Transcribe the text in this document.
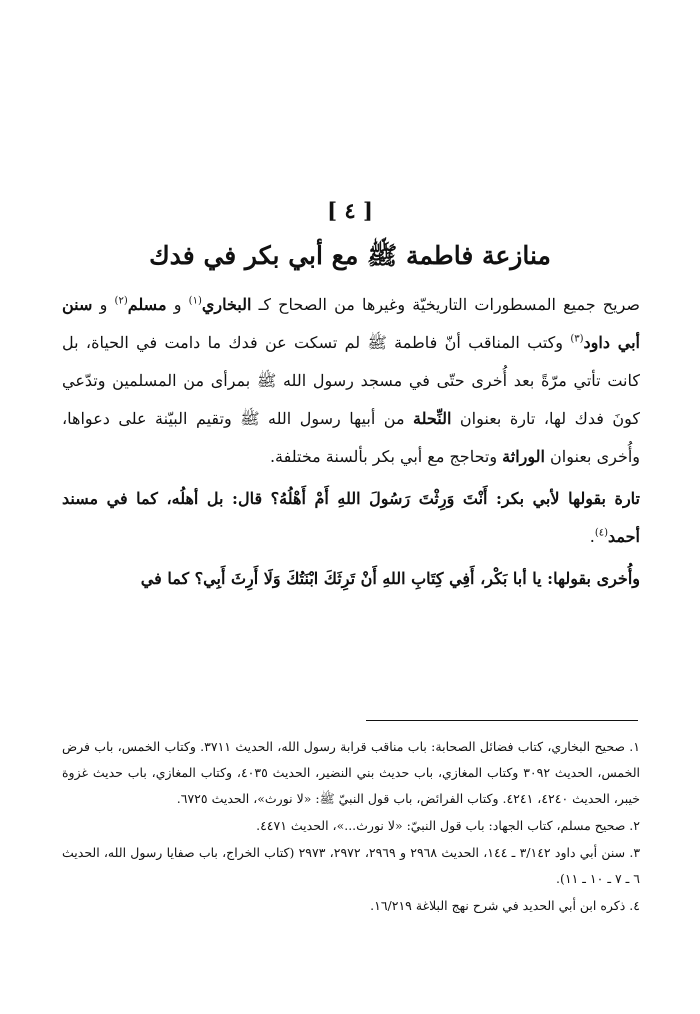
[ ٤ ]
منازعة فاطمة ﷺ مع أبي بكر في فدك

صريح جميع المسطورات التاريخيّة وغيرها من الصحاح كـ البخاري$^{(١)}$ و مسلم$^{(٢)}$ و سنن أبي داود$^{(٣)}$ وكتب المناقب أنّ فاطمة ﷺ لم تسكت عن فدك ما دامت في الحياة، بل كانت تأتي مرّةً بعد أُخرى حتّى في مسجد رسول الله ﷺ بمرأى من المسلمين وتدّعي كونَ فدك لها، تارة بعنوان النِّحلة من أبيها رسول الله ﷺ وتقيم البيّنة على دعواها، وأُخرى بعنوان الوراثة وتحاجج مع أبي بكر بألسنة مختلفة.

تارة بقولها لأبي بكر: أَنْتَ وَرِثْتَ رَسُولَ اللهِ أَمْ أَهْلُهُ؟ قال: بل أهلُه، كما في مسند أحمد$^{(٤)}$.

وأُخرى بقولها: يا أبا بَكْر، أَفِي كِتَابِ اللهِ أَنْ تَرِثَكَ ابْنَتُكَ وَلَا أَرِثَ أَبِي؟ كما في

١. صحيح البخاري، كتاب فضائل الصحابة: باب مناقب قرابة رسول الله، الحديث ٣٧١١. وكتاب الخمس، باب فرض الخمس، الحديث ٣٠٩٢ وكتاب المغازي، باب حديث بني النضير، الحديث ٤٠٣٥، وكتاب المغازي، باب حديث غزوة خيبر، الحديث ٤٢٤٠، ٤٢٤١. وكتاب الفرائض، باب قول النبيّ ﷺ: «لا نورث»، الحديث ٦٧٢٥.

٢. صحيح مسلم، كتاب الجهاد: باب قول النبيّ: «لا نورث...»، الحديث ٤٤٧١.

٣. سنن أبي داود ٣/١٤٢ ـ ١٤٤، الحديث ٢٩٦٨ و ٢٩٦٩، ٢٩٧٢، ٢٩٧٣ (كتاب الخراج، باب صفايا رسول الله، الحديث ٦ ـ ٧ ـ ١٠ ـ ١١).

٤. ذكره ابن أبي الحديد في شرح نهج البلاغة ١٦/٢١٩.
